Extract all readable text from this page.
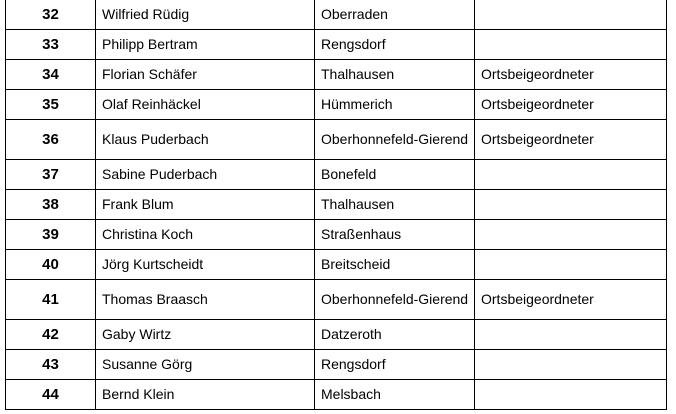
32	Wilfried Rüdig	Oberraden	
33	Philipp Bertram	Rengsdorf	
34	Florian Schäfer	Thalhausen	Ortsbeigeordneter
35	Olaf Reinhäckel	Hümmerich	Ortsbeigeordneter
36	Klaus Puderbach	Oberhonnefeld-Gierend	Ortsbeigeordneter
37	Sabine Puderbach	Bonefeld	
38	Frank Blum	Thalhausen	
39	Christina Koch	Straßenhaus	
40	Jörg Kurtscheidt	Breitscheid	
41	Thomas Braasch	Oberhonnefeld-Gierend	Ortsbeigeordneter
42	Gaby Wirtz	Datzeroth	
43	Susanne Görg	Rengsdorf	
44	Bernd Klein	Melsbach	
